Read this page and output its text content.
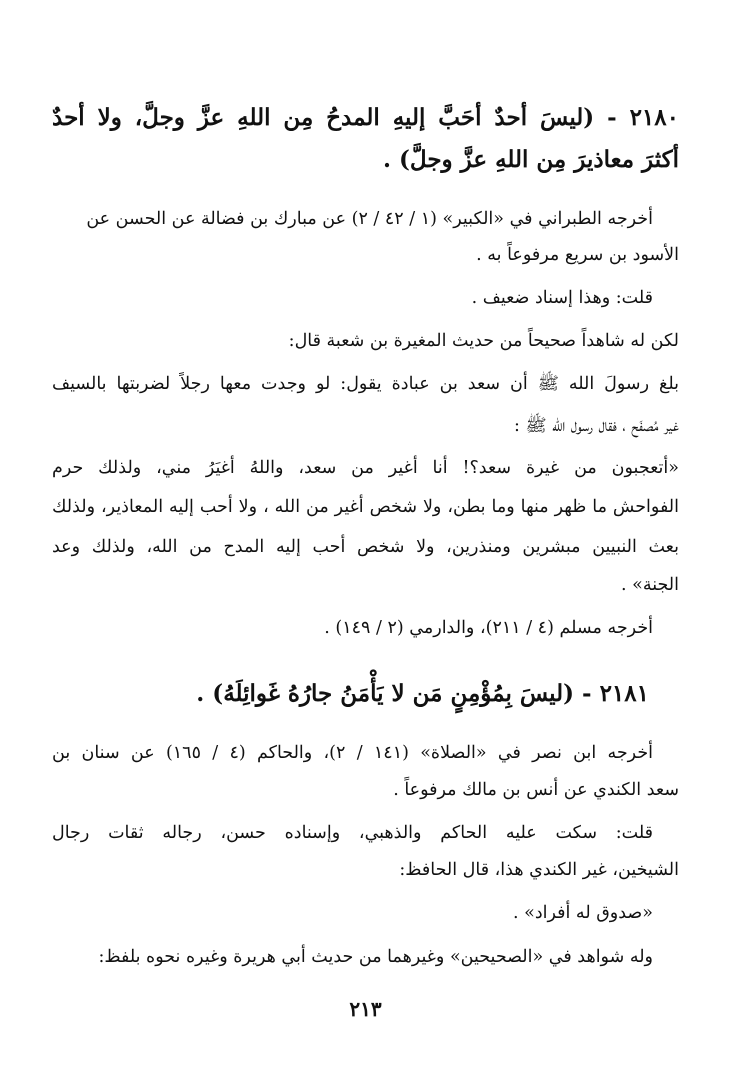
٢١٨٠ - (ليسَ أحدٌ أحَبَّ إليهِ المدحُ مِن اللهِ عزَّ وجلَّ، ولا أحدٌ
أكثرَ معاذيرَ مِن اللهِ عزَّ وجلَّ) .
أخرجه الطبراني في «الكبير» (١ / ٤٢ / ٢) عن مبارك بن فضالة عن الحسن عن
الأسود بن سريع مرفوعاً به .
قلت: وهذا إسناد ضعيف .
لكن له شاهداً صحيحاً من حديث المغيرة بن شعبة قال:
بلغ رسولَ الله ﷺ أن سعد بن عبادة يقول: لو وجدت معها رجلاً لضربتها بالسيف
غير مُصفَح ، فقال رسول الله ﷺ :
«أتعجبون من غيرة سعد؟! أنا أغير من سعد، واللهُ أغيَرُ مني، ولذلك حرم
الفواحش ما ظهر منها وما بطن، ولا شخص أغير من الله ، ولا أحب إليه المعاذير، ولذلك
بعث النبيين مبشرين ومنذرين، ولا شخص أحب إليه المدح من الله، ولذلك وعد
الجنة» .
أخرجه مسلم (٤ / ٢١١)، والدارمي (٢ / ١٤٩) .
٢١٨١ - (ليسَ بِمُؤْمِنٍ مَن لا يَأْمَنُ جارُهُ غَوائِلَهُ) .
أخرجه ابن نصر في «الصلاة» (١٤١ / ٢)، والحاكم (٤ / ١٦٥) عن سنان بن
سعد الكندي عن أنس بن مالك مرفوعاً .
قلت: سكت عليه الحاكم والذهبي، وإسناده حسن، رجاله ثقات رجال
الشيخين، غير الكندي هذا، قال الحافظ:
«صدوق له أفراد» .
وله شواهد في «الصحيحين» وغيرهما من حديث أبي هريرة وغيره نحوه بلفظ:
٢١٣
